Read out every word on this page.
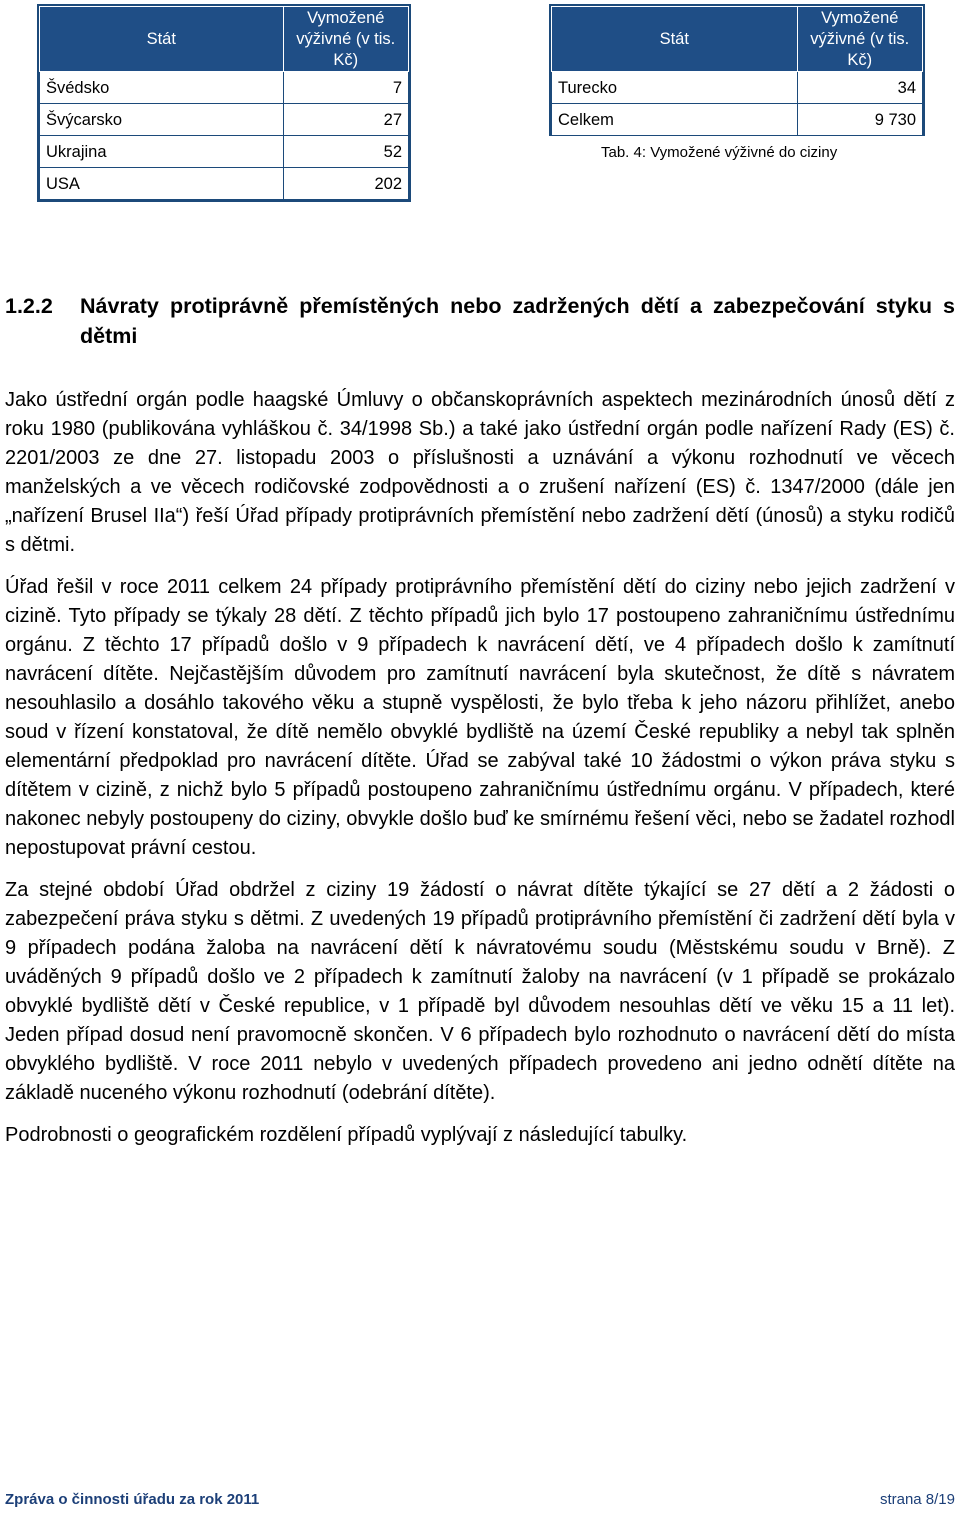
Stát	Vymožené výživné (v tis. Kč)
Švédsko	7
Švýcarsko	27
Ukrajina	52
USA	202
Stát	Vymožené výživné (v tis. Kč)
Turecko	34
Celkem	9 730
Tab. 4: Vymožené výživné do ciziny
1.2.2	Návraty protiprávně přemístěných nebo zadržených dětí a zabezpečování styku s dětmi

Jako ústřední orgán podle haagské Úmluvy o občanskoprávních aspektech mezinárodních únosů dětí z roku 1980 (publikována vyhláškou č. 34/1998 Sb.) a také jako ústřední orgán podle nařízení Rady (ES) č. 2201/2003 ze dne 27. listopadu 2003 o příslušnosti a uznávání a výkonu rozhodnutí ve věcech manželských a ve věcech rodičovské zodpovědnosti a o zrušení nařízení (ES) č. 1347/2000 (dále jen „nařízení Brusel IIa“) řeší Úřad případy protiprávních přemístění nebo zadržení dětí (únosů) a styku rodičů s dětmi.

Úřad řešil v roce 2011 celkem 24 případy protiprávního přemístění dětí do ciziny nebo jejich zadržení v cizině. Tyto případy se týkaly 28 dětí. Z těchto případů jich bylo 17 postoupeno zahraničnímu ústřednímu orgánu. Z těchto 17 případů došlo v 9 případech k navrácení dětí, ve 4 případech došlo k zamítnutí navrácení dítěte. Nejčastějším důvodem pro zamítnutí navrácení byla skutečnost, že dítě s návratem nesouhlasilo a dosáhlo takového věku a stupně vyspělosti, že bylo třeba k jeho názoru přihlížet, anebo soud v řízení konstatoval, že dítě nemělo obvyklé bydliště na území České republiky a nebyl tak splněn elementární předpoklad pro navrácení dítěte. Úřad se zabýval také 10 žádostmi o výkon práva styku s dítětem v cizině, z nichž bylo 5 případů postoupeno zahraničnímu ústřednímu orgánu. V případech, které nakonec nebyly postoupeny do ciziny, obvykle došlo buď ke smírnému řešení věci, nebo se žadatel rozhodl nepostupovat právní cestou.

Za stejné období Úřad obdržel z ciziny 19 žádostí o návrat dítěte týkající se 27 dětí a 2 žádosti o zabezpečení práva styku s dětmi. Z uvedených 19 případů protiprávního přemístění či zadržení dětí byla v 9 případech podána žaloba na navrácení dětí k návratovému soudu (Městskému soudu v Brně). Z uváděných 9 případů došlo ve 2 případech k zamítnutí žaloby na navrácení (v 1 případě se prokázalo obvyklé bydliště dětí v České republice, v 1 případě byl důvodem nesouhlas dětí ve věku 15 a 11 let). Jeden případ dosud není pravomocně skončen. V 6 případech bylo rozhodnuto o navrácení dětí do místa obvyklého bydliště. V roce 2011 nebylo v uvedených případech provedeno ani jedno odnětí dítěte na základě nuceného výkonu rozhodnutí (odebrání dítěte).

Podrobnosti o geografickém rozdělení případů vyplývají z následující tabulky.

Zpráva o činnosti úřadu za rok 2011	strana 8/19
